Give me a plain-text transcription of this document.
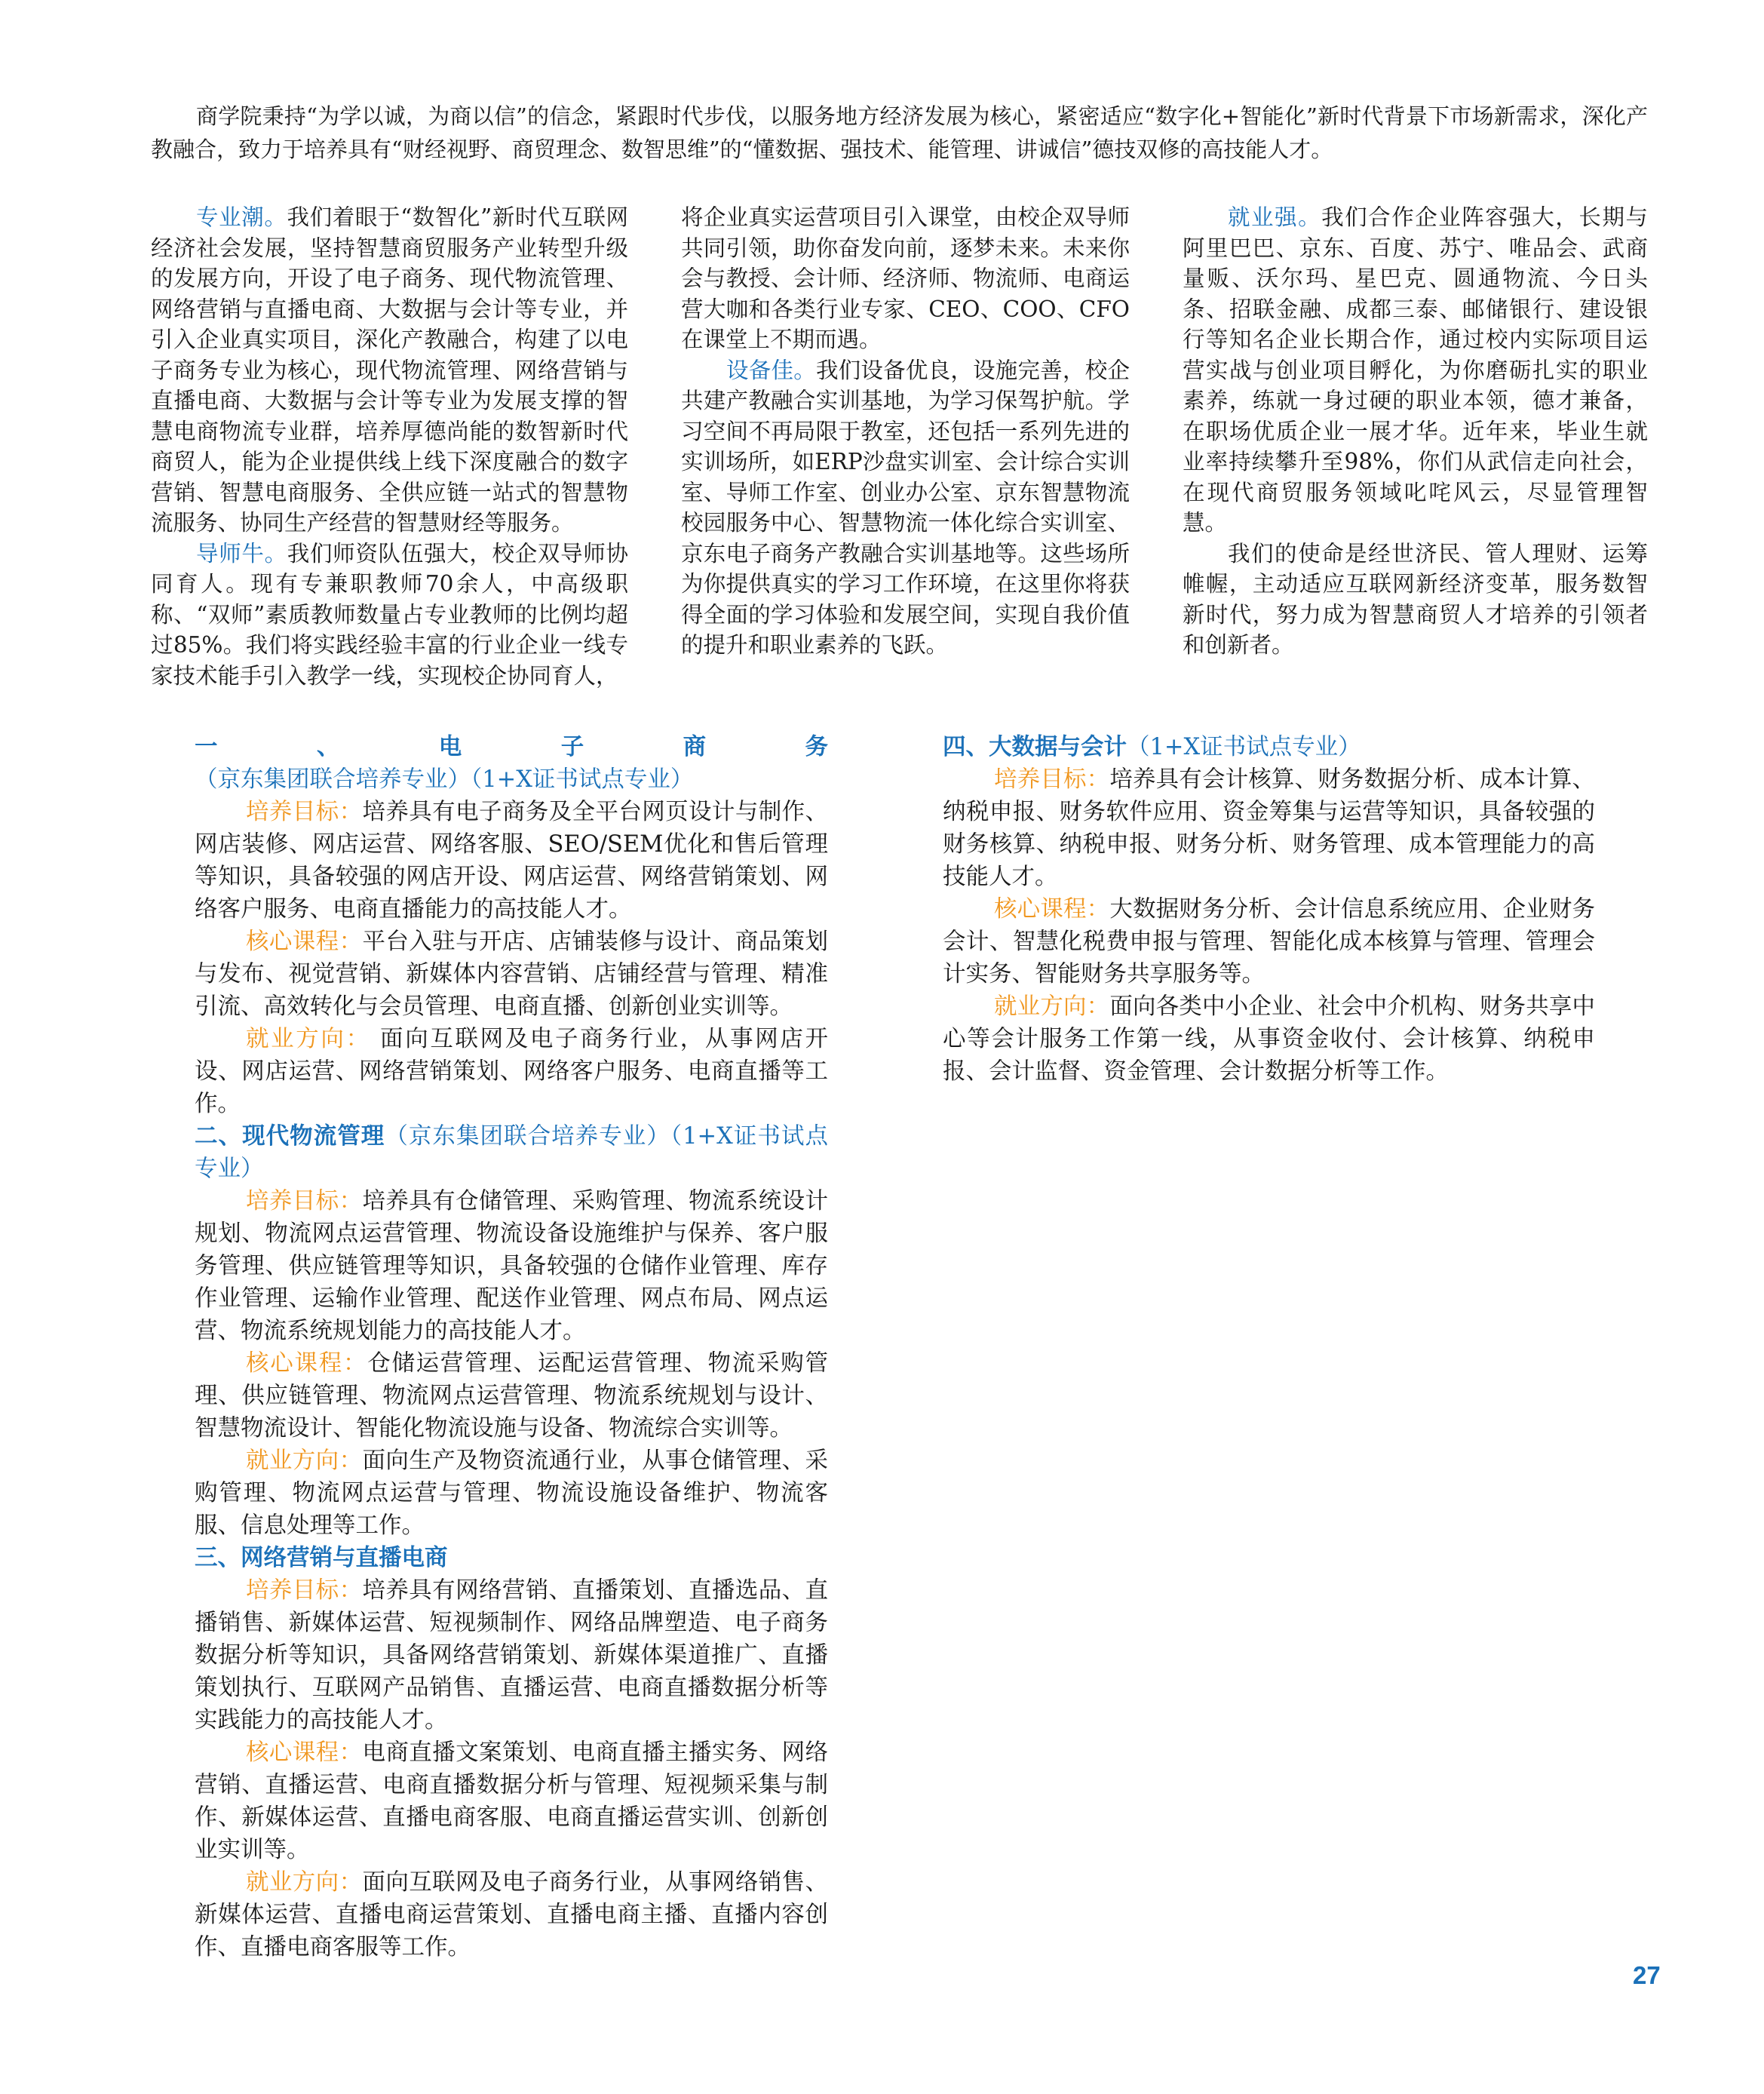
商学院秉持“为学以诚，为商以信”的信念，紧跟时代步伐，以服务地方经济发展为核心，紧密适应“数字化+智能化”新时代背景下市场新需求，深化产教融合，致力于培养具有“财经视野、商贸理念、数智思维”的“懂数据、强技术、能管理、讲诚信”德技双修的高技能人才。

专业潮。我们着眼于“数智化”新时代互联网经济社会发展，坚持智慧商贸服务产业转型升级的发展方向，开设了电子商务、现代物流管理、网络营销与直播电商、大数据与会计等专业，并引入企业真实项目，深化产教融合，构建了以电子商务专业为核心，现代物流管理、网络营销与直播电商、大数据与会计等专业为发展支撑的智慧电商物流专业群，培养厚德尚能的数智新时代商贸人，能为企业提供线上线下深度融合的数字营销、智慧电商服务、全供应链一站式的智慧物流服务、协同生产经营的智慧财经等服务。

导师牛。我们师资队伍强大，校企双导师协同育人。现有专兼职教师70余人，中高级职称、“双师”素质教师数量占专业教师的比例均超过85%。我们将实践经验丰富的行业企业一线专家技术能手引入教学一线，实现校企协同育人，

将企业真实运营项目引入课堂，由校企双导师共同引领，助你奋发向前，逐梦未来。未来你会与教授、会计师、经济师、物流师、电商运营大咖和各类行业专家、CEO、COO、CFO在课堂上不期而遇。

设备佳。我们设备优良，设施完善，校企共建产教融合实训基地，为学习保驾护航。学习空间不再局限于教室，还包括一系列先进的实训场所，如ERP沙盘实训室、会计综合实训室、导师工作室、创业办公室、京东智慧物流校园服务中心、智慧物流一体化综合实训室、京东电子商务产教融合实训基地等。这些场所为你提供真实的学习工作环境，在这里你将获得全面的学习体验和发展空间，实现自我价值的提升和职业素养的飞跃。

就业强。我们合作企业阵容强大，长期与阿里巴巴、京东、百度、苏宁、唯品会、武商量贩、沃尔玛、星巴克、圆通物流、今日头条、招联金融、成都三泰、邮储银行、建设银行等知名企业长期合作，通过校内实际项目运营实战与创业项目孵化，为你磨砺扎实的职业素养，练就一身过硬的职业本领，德才兼备，在职场优质企业一展才华。近年来，毕业生就业率持续攀升至98%，你们从武信走向社会，在现代商贸服务领域叱咤风云，尽显管理智慧。

我们的使命是经世济民、管人理财、运筹帷幄，主动适应互联网新经济变革，服务数智新时代，努力成为智慧商贸人才培养的引领者和创新者。

一、电子商务（京东集团联合培养专业）（1+X证书试点专业）

培养目标：培养具有电子商务及全平台网页设计与制作、网店装修、网店运营、网络客服、SEO/SEM优化和售后管理等知识，具备较强的网店开设、网店运营、网络营销策划、网络客户服务、电商直播能力的高技能人才。

核心课程：平台入驻与开店、店铺装修与设计、商品策划与发布、视觉营销、新媒体内容营销、店铺经营与管理、精准引流、高效转化与会员管理、电商直播、创新创业实训等。

就业方向： 面向互联网及电子商务行业，从事网店开设、网店运营、网络营销策划、网络客户服务、电商直播等工作。

二、现代物流管理（京东集团联合培养专业）（1+X证书试点专业）

培养目标：培养具有仓储管理、采购管理、物流系统设计规划、物流网点运营管理、物流设备设施维护与保养、客户服务管理、供应链管理等知识，具备较强的仓储作业管理、库存作业管理、运输作业管理、配送作业管理、网点布局、网点运营、物流系统规划能力的高技能人才。

核心课程：仓储运营管理、运配运营管理、物流采购管理、供应链管理、物流网点运营管理、物流系统规划与设计、智慧物流设计、智能化物流设施与设备、物流综合实训等。

就业方向：面向生产及物资流通行业，从事仓储管理、采购管理、物流网点运营与管理、物流设施设备维护、物流客服、信息处理等工作。

三、网络营销与直播电商

培养目标：培养具有网络营销、直播策划、直播选品、直播销售、新媒体运营、短视频制作、网络品牌塑造、电子商务数据分析等知识，具备网络营销策划、新媒体渠道推广、直播策划执行、互联网产品销售、直播运营、电商直播数据分析等实践能力的高技能人才。

核心课程：电商直播文案策划、电商直播主播实务、网络营销、直播运营、电商直播数据分析与管理、短视频采集与制作、新媒体运营、直播电商客服、电商直播运营实训、创新创业实训等。

就业方向：面向互联网及电子商务行业，从事网络销售、新媒体运营、直播电商运营策划、直播电商主播、直播内容创作、直播电商客服等工作。

四、大数据与会计（1+X证书试点专业）

培养目标：培养具有会计核算、财务数据分析、成本计算、纳税申报、财务软件应用、资金筹集与运营等知识，具备较强的财务核算、纳税申报、财务分析、财务管理、成本管理能力的高技能人才。

核心课程：大数据财务分析、会计信息系统应用、企业财务会计、智慧化税费申报与管理、智能化成本核算与管理、管理会计实务、智能财务共享服务等。

就业方向：面向各类中小企业、社会中介机构、财务共享中心等会计服务工作第一线，从事资金收付、会计核算、纳税申报、会计监督、资金管理、会计数据分析等工作。

27
